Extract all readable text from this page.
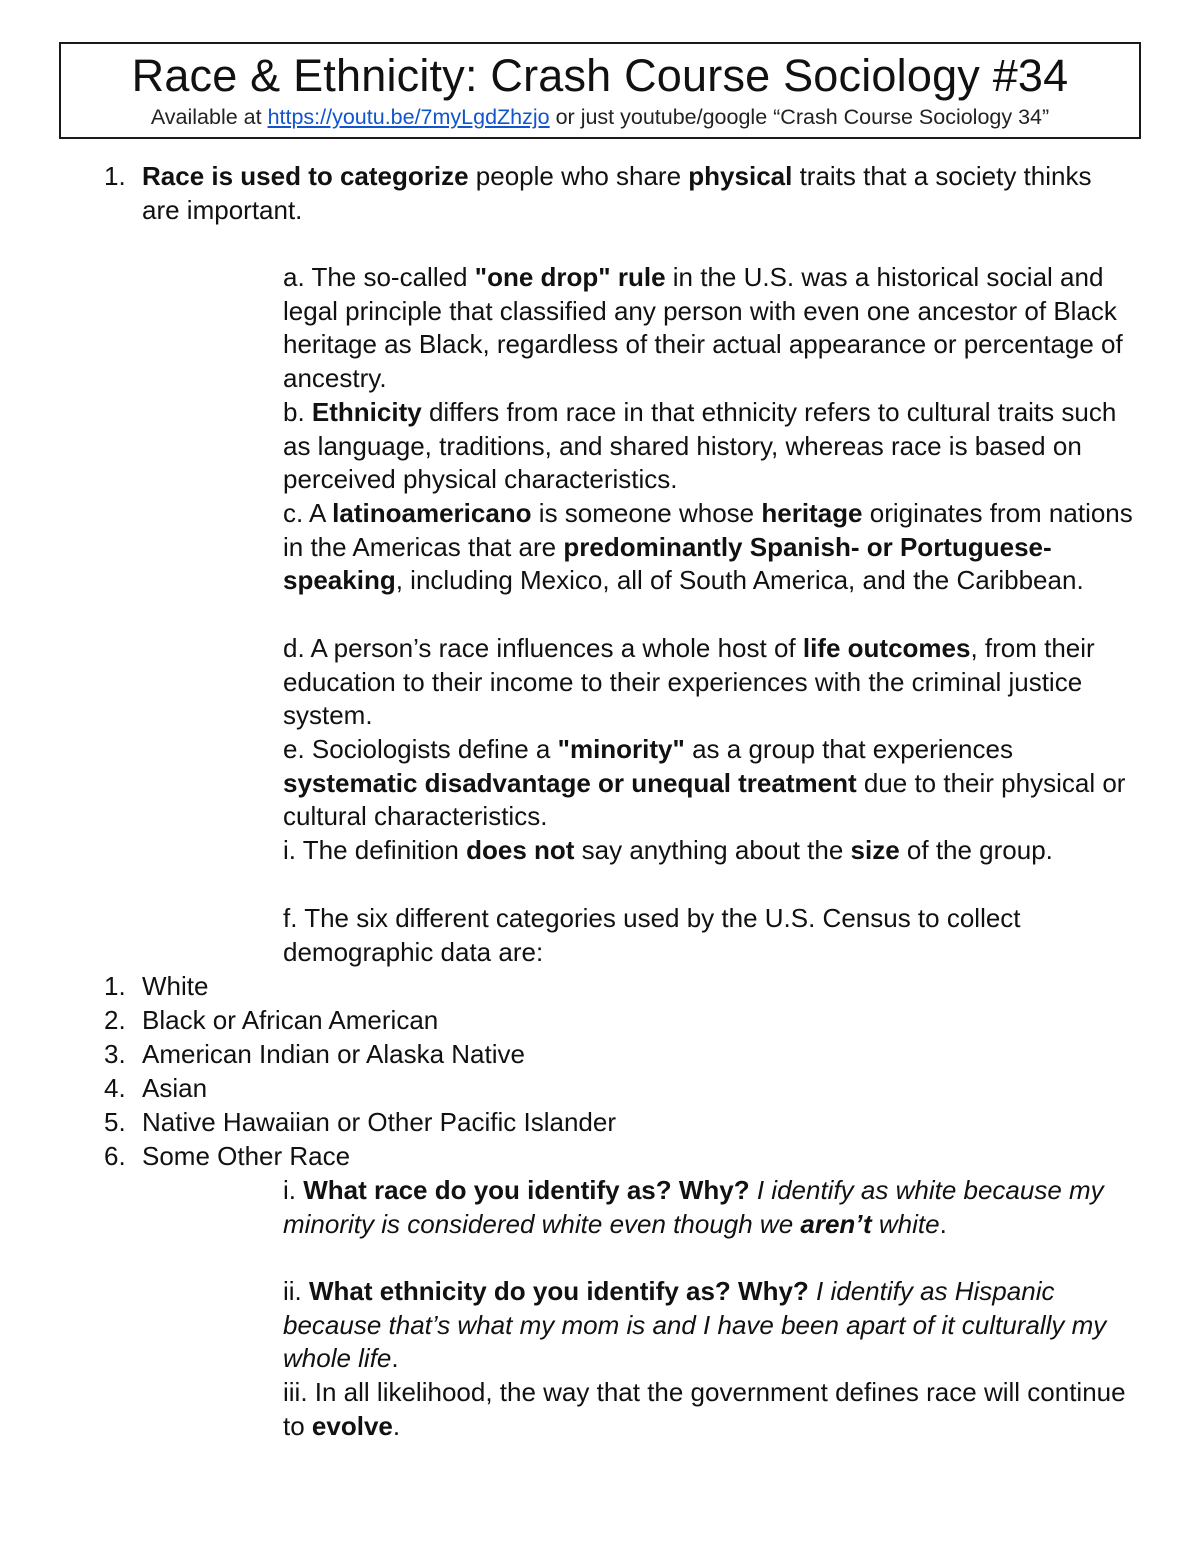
Race & Ethnicity: Crash Course Sociology #34
Available at https://youtu.be/7myLgdZhzjo or just youtube/google “Crash Course Sociology 34”
1. Race is used to categorize people who share physical traits that a society thinks are important.
a. The so-called "one drop" rule in the U.S. was a historical social and legal principle that classified any person with even one ancestor of Black heritage as Black, regardless of their actual appearance or percentage of ancestry.
b. Ethnicity differs from race in that ethnicity refers to cultural traits such as language, traditions, and shared history, whereas race is based on perceived physical characteristics.
c. A latinoamericano is someone whose heritage originates from nations in the Americas that are predominantly Spanish- or Portuguese-speaking, including Mexico, all of South America, and the Caribbean.
d. A person’s race influences a whole host of life outcomes, from their education to their income to their experiences with the criminal justice system.
e. Sociologists define a "minority" as a group that experiences systematic disadvantage or unequal treatment due to their physical or cultural characteristics.
i. The definition does not say anything about the size of the group.
f. The six different categories used by the U.S. Census to collect demographic data are:
1. White
2. Black or African American
3. American Indian or Alaska Native
4. Asian
5. Native Hawaiian or Other Pacific Islander
6. Some Other Race
i. What race do you identify as? Why? I identify as white because my minority is considered white even though we aren’t white.
ii. What ethnicity do you identify as? Why? I identify as Hispanic because that’s what my mom is and I have been apart of it culturally my whole life.
iii. In all likelihood, the way that the government defines race will continue to evolve.
